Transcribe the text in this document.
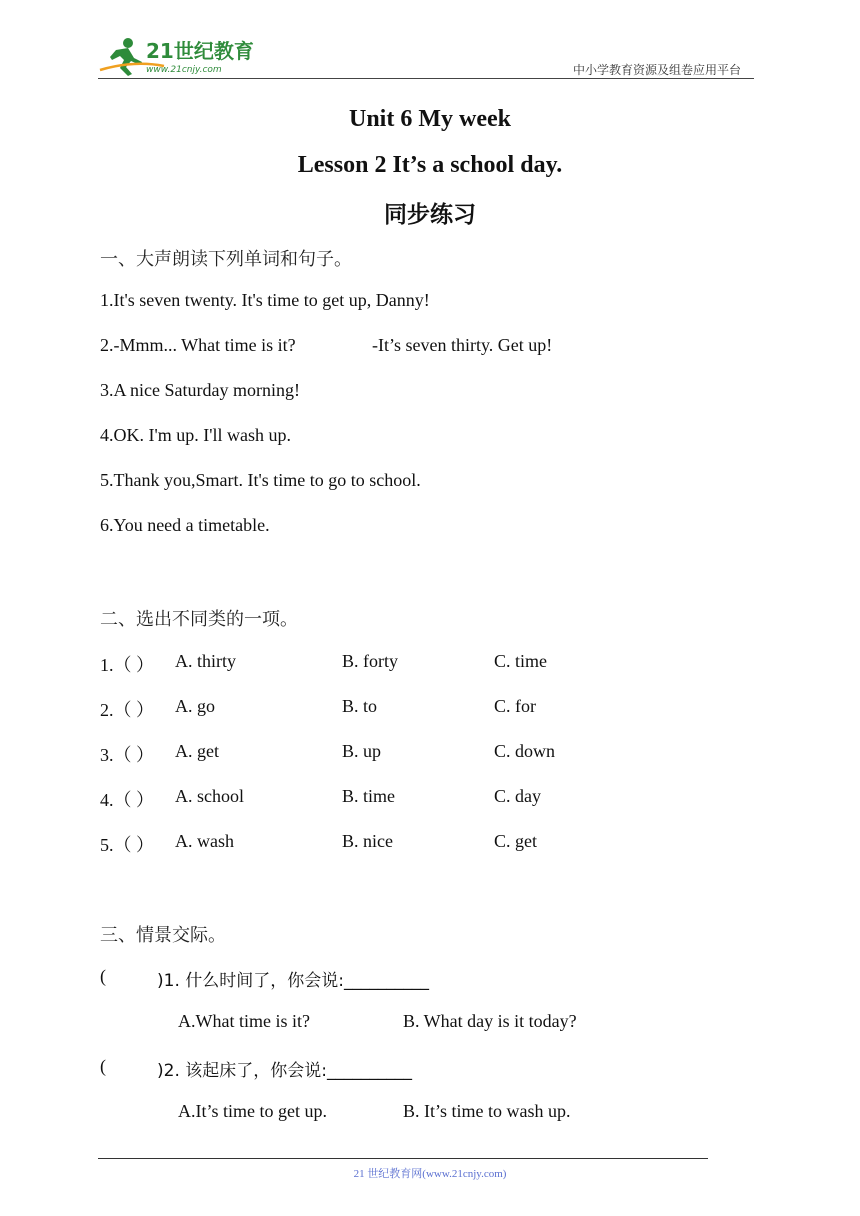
21世纪教育
www.21cnjy.com	中小学教育资源及组卷应用平台
Unit 6 My week
Lesson 2 It’s a school day.
同步练习
一、大声朗读下列单词和句子。
1.It's seven twenty. It's time to get up, Danny!
2.-Mmm... What time is it?	-It’s seven thirty. Get up!
3.A nice Saturday morning!
4.OK. I'm up. I'll wash up.
5.Thank you,Smart. It's time to go to school.
6.You need a timetable.
二、选出不同类的一项。
1.（ ） A. thirty	B. forty	C. time
2.（ ） A. go	B. to	C. for
3.（ ） A. get	B. up	C. down
4.（ ） A. school	B. time	C. day
5.（ ） A. wash	B. nice	C. get
三、情景交际。
(	)1. 什么时间了，你会说:__________
A.What time is it?	B. What day is it today?
(	)2. 该起床了，你会说:__________
A.It’s time to get up.	B. It’s time to wash up.
21 世纪教育网(www.21cnjy.com)
